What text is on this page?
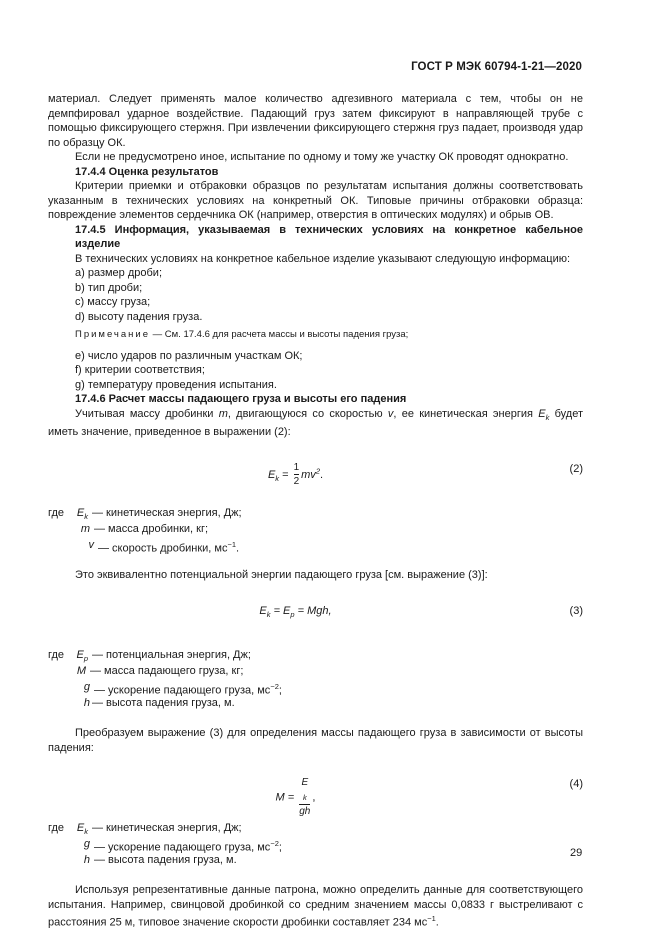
ГОСТ Р МЭК 60794-1-21—2020

материал. Следует применять малое количество адгезивного материала с тем, чтобы он не демпфировал ударное воздействие. Падающий груз затем фиксируют в направляющей трубе с помощью фиксирующего стержня. При извлечении фиксирующего стержня груз падает, производя удар по образцу ОК.

Если не предусмотрено иное, испытание по одному и тому же участку ОК проводят однократно.

17.4.4 Оценка результатов

Критерии приемки и отбраковки образцов по результатам испытания должны соответствовать указанным в технических условиях на конкретный ОК. Типовые причины отбраковки образца: повреждение элементов сердечника ОК (например, отверстия в оптических модулях) и обрыв ОВ.

17.4.5 Информация, указываемая в технических условиях на конкретное кабельное изделие

В технических условиях на конкретное кабельное изделие указывают следующую информацию:

а) размер дроби;

b) тип дроби;

с) массу груза;

d) высоту падения груза.

Примечание — См. 17.4.6 для расчета массы и высоты падения груза;

е) число ударов по различным участкам ОК;

f) критерии соответствия;

g) температуру проведения испытания.

17.4.6 Расчет массы падающего груза и высоты его падения

Учитывая массу дробинки m, двигающуюся со скоростью v, ее кинетическая энергия $E_k$ будет иметь значение, приведенное в выражении (2):

$E_k = \frac{1}{2} mv^2$.	(2)
где	$E_k$ — кинетическая энергия, Дж;
m — масса дробинки, кг;
v — скорость дробинки, $мс^{-1}$.

Это эквивалентно потенциальной энергии падающего груза [см. выражение (3)]:

$E_k = E_p$ = Mgh,	(3)
где	$E_p$ — потенциальная энергия, Дж;
M — масса падающего груза, кг;
g — ускорение падающего груза, $мс^{-2}$;
h — высота падения груза, м.

Преобразуем выражение (3) для определения массы падающего груза в зависимости от высоты падения:

M = E
$_k$
gh ,
(4)
где	$E_k$ — кинетическая энергия, Дж;
g — ускорение падающего груза, $мс^{-2}$;
h — высота падения груза, м.

Используя репрезентативные данные патрона, можно определить данные для соответствующего испытания. Например, свинцовой дробинкой со средним значением массы 0,0833 г выстреливают с расстояния 25 м, типовое значение скорости дробинки составляет 234 $мс^{-1}$.

29
